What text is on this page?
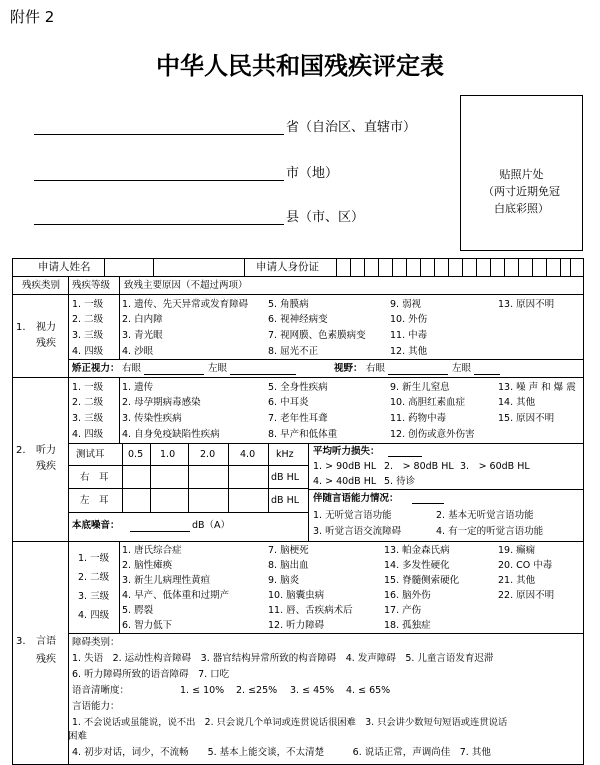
附件 2
中华人民共和国残疾评定表
省（自治区、直辖市）
市（地）
县（市、区）
贴照片处
（两寸近期免冠
白底彩照）
申请人姓名	申请人身份证
残疾类别 残疾等级 致残主要原因（不超过两项）
1. 视力
残疾
1. 一级
2. 二级
3. 三级
4. 四级
1. 遗传、先天异常或发育障碍 5. 角膜病	9. 弱视	13. 原因不明
2. 白内障	6. 视神经病变	10. 外伤
3. 青光眼	7. 视网膜、色素膜病变	11. 中毒
4. 沙眼	8. 屈光不正	12. 其他
矫正视力： 右眼	左眼	视野： 右眼	左眼
2. 听力
残疾
1. 一级
2. 二级
3. 三级
4. 四级
1. 遗传	5. 全身性疾病	9. 新生儿窒息	13. 噪 声 和 爆 震
2. 母孕期病毒感染	6. 中耳炎	10. 高胆红素血症	14. 其他
3. 传染性疾病	7. 老年性耳聋	11. 药物中毒	15. 原因不明
4. 自身免疫缺陷性疾病	8. 早产和低体重	12. 创伤或意外伤害
测试耳 0.5 1.0	2.0	4.0 kHz
右　耳	dB HL
左　耳	dB HL
本底噪音：	dB（A）
平均听力损失：
1. > 90dB HL 2.　> 80dB HL 3.　> 60dB HL
4. > 40dB HL 5. 待诊
伴随言语能力情况：
1. 无听觉言语功能	2. 基本无听觉言语功能
3. 听觉言语交流障碍	4. 有一定的听觉言语功能
3. 言语
残疾
1. 一级
2. 二级
3. 三级
4. 四级
1. 唐氏综合症	7. 脑梗死	13. 帕金森氏病	19. 癫痫
2. 脑性瘫痪	8. 脑出血	14. 多发性硬化	20. CO 中毒
3. 新生儿病理性黄疸	9. 脑炎	15. 脊髓侧索硬化	21. 其他
4. 早产、低体重和过期产	10. 脑囊虫病	16. 脑外伤	22. 原因不明
5. 腭裂	11. 唇、舌疾病术后	17. 产伤
6. 智力低下	12. 听力障碍	18. 孤独症
障碍类别：
1. 失语　2. 运动性构音障碍　3. 器官结构异常所致的构音障碍　4. 发声障碍　5. 儿童言语发育迟滞
6. 听力障碍所致的语音障碍　7. 口吃
语音清晰度：	1. ≤ 10% 2. ≤25% 3. ≤ 45% 4. ≤ 65%
言语能力：
1. 不会说话或虽能说，说不出　2. 只会说几个单词或连贯说话很困难　3. 只会讲少数短句短语或连贯说话
困难
4. 初步对话，词少，不流畅　　5. 基本上能交谈，不太清楚　　　6. 说话正常，声调尚佳　7. 其他
